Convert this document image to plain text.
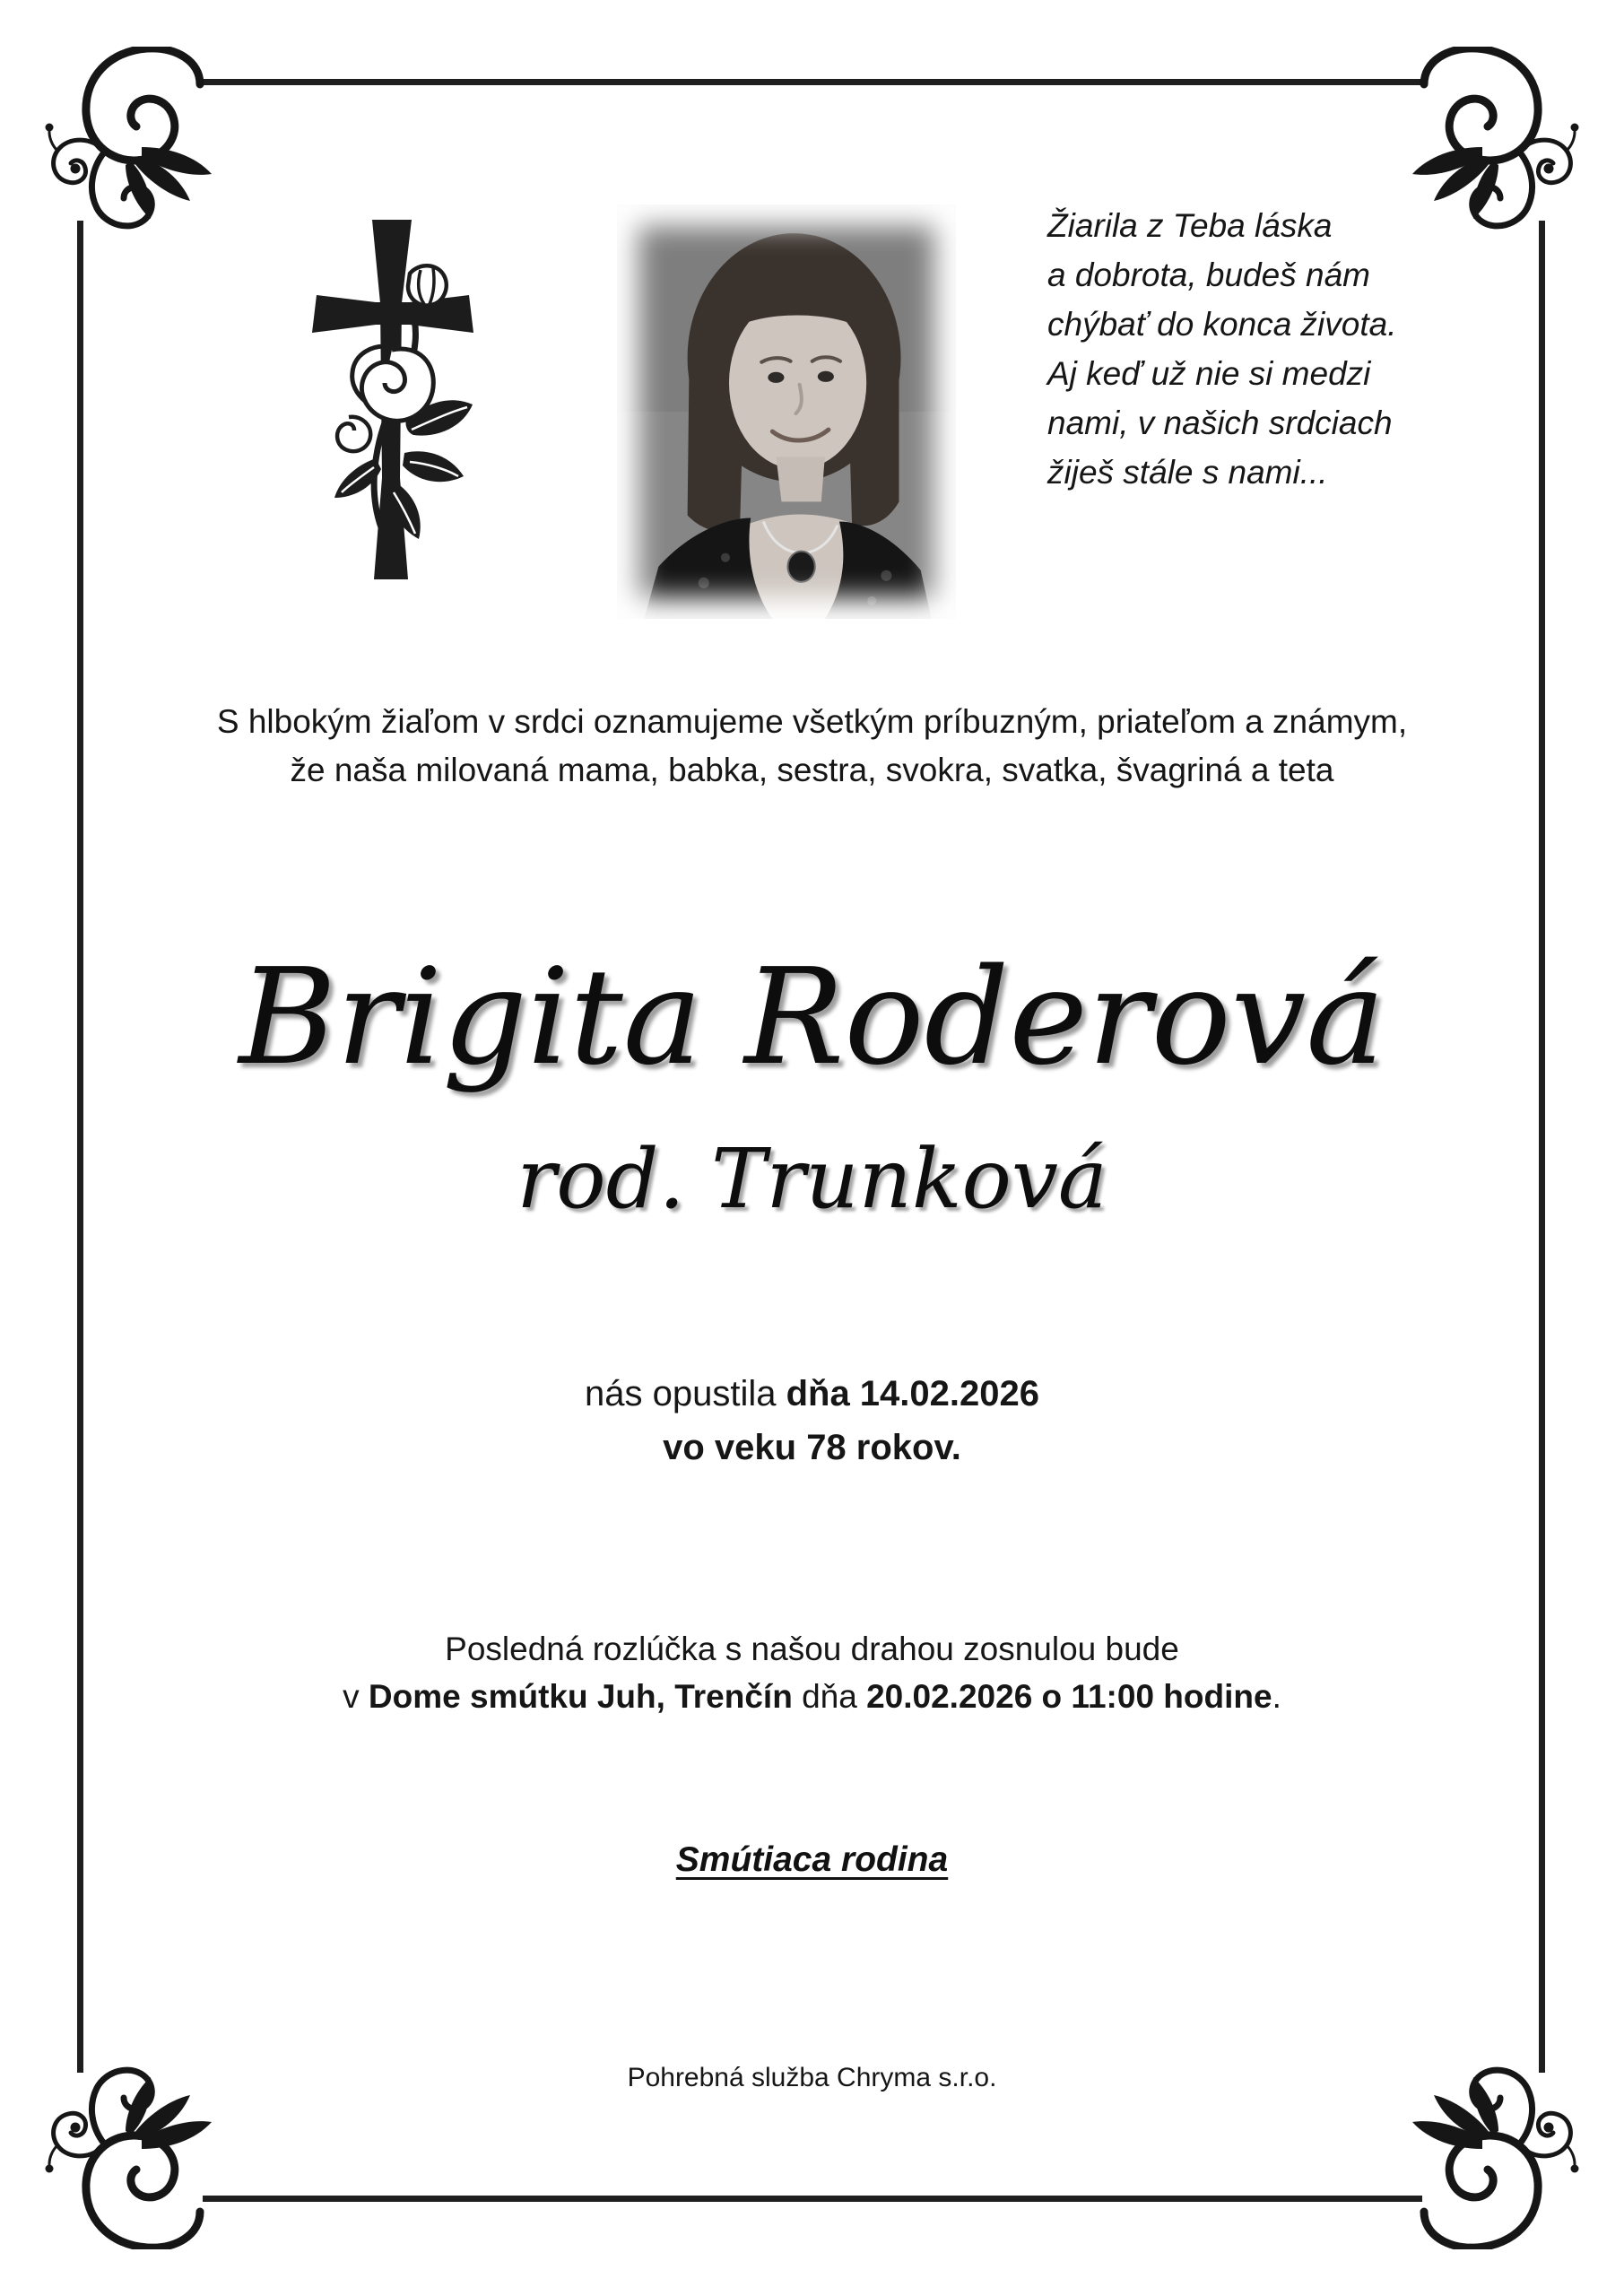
Žiarila z Teba láska
a dobrota, budeš nám
chýbať do konca života.
Aj keď už nie si medzi
nami, v našich srdciach
žiješ stále s nami...
S hlbokým žiaľom v srdci oznamujeme všetkým príbuzným, priateľom a známym,
že naša milovaná mama, babka, sestra, svokra, svatka, švagriná a teta
Brigita Roderová
rod. Trunková
nás opustila dňa 14.02.2026
vo veku 78 rokov.
Posledná rozlúčka s našou drahou zosnulou bude
v Dome smútku Juh, Trenčín dňa 20.02.2026 o 11:00 hodine.
Smútiaca rodina
Pohrebná služba Chryma s.r.o.
